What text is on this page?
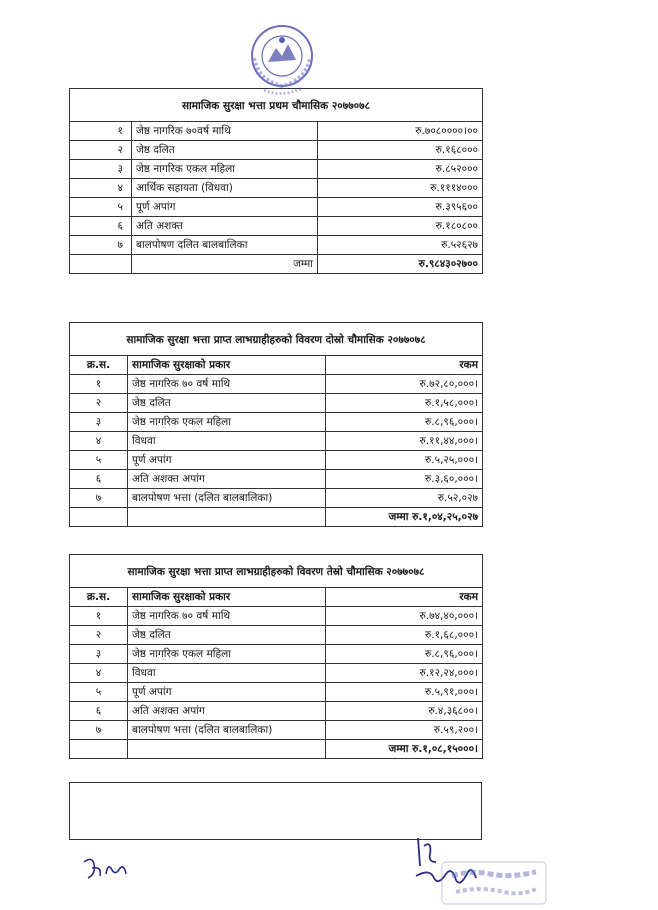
सामाजिक सुरक्षा भत्ता प्रथम चौमासिक २०७७०७८		
१	जेष्ठ नागरिक ७०वर्ष माथि	रु.७०८००००।००
२	जेष्ठ दलित	रु.१६८०००
३	जेष्ठ नागरिक एकल महिला	रु.८५२०००
४	आर्थिक सहायता (विधवा)	रु.१११४०००
५	पूर्ण अपांग	रु.३९५६००
६	अति अशक्त	रु.१८०८००
७	बालपोषण दलित बालबालिका	रु.५२६२७
	जम्मा	रु.९८४३०२७००
सामाजिक सुरक्षा भत्ता प्राप्त लाभग्राहीहरुको विवरण दोस्रो चौमासिक २०७७०७८		
क्र.स.	सामाजिक सुरक्षाको प्रकार	रकम
१	जेष्ठ नागरिक ७० वर्ष माथि	रु.७२,८०,०००।
२	जेष्ठ दलित	रु.१,५८,०००।
३	जेष्ठ नागरिक एकल महिला	रु.८,९६,०००।
४	विधवा	रु.११,४४,०००।
५	पूर्ण अपांग	रु.५,२५,०००।
६	अति अशक्त अपांग	रु.३,६०,०००।
७	बालपोषण भत्ता (दलित बालबालिका)	रु.५२,०२७
		जम्मा रु.१,०४,२५,०२७
सामाजिक सुरक्षा भत्ता प्राप्त लाभग्राहीहरुको विवरण तेस्रो चौमासिक २०७७०७८		
क्र.स.	सामाजिक सुरक्षाको प्रकार	रकम
१	जेष्ठ नागरिक ७० वर्ष माथि	रु.७४,४०,०००।
२	जेष्ठ दलित	रु.१,६८,०००।
३	जेष्ठ नागरिक एकल महिला	रु.८,९६,०००।
४	विधवा	रु.१२,२४,०००।
५	पूर्ण अपांग	रु.५,९१,०००।
६	अति अशक्त अपांग	रु.४,३६८००।
७	बालपोषण भत्ता (दलित बालबालिका)	रु.५९,२००।
		जम्मा रु.१,०८,१५०००।
